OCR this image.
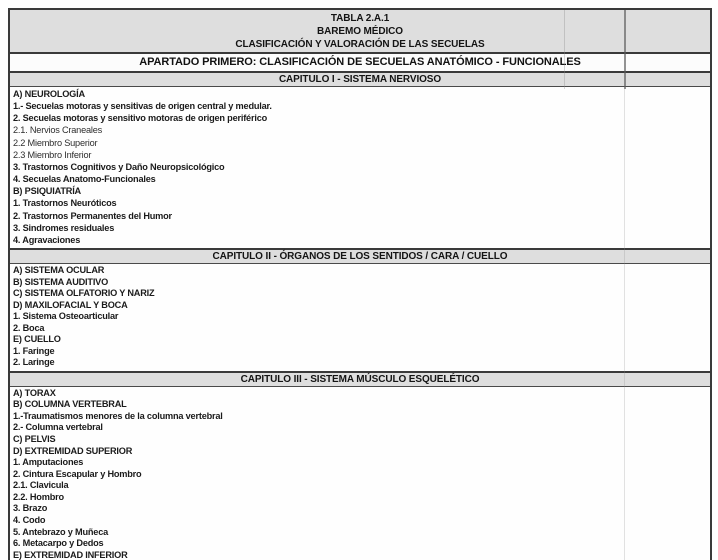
TABLA 2.A.1
BAREMO MÉDICO
CLASIFICACIÓN Y VALORACIÓN DE LAS SECUELAS
APARTADO PRIMERO: CLASIFICACIÓN DE SECUELAS ANATÓMICO - FUNCIONALES
CAPITULO I - SISTEMA NERVIOSO
A) NEUROLOGÍA
1.- Secuelas motoras y sensitivas de origen central y medular.
2. Secuelas motoras y sensitivo motoras de origen periférico
2.1. Nervios Craneales
2.2 Miembro Superior
2.3 Miembro Inferior
3. Trastornos Cognitivos y Daño Neuropsicológico
4. Secuelas Anatomo-Funcionales
B) PSIQUIATRÍA
1. Trastornos Neuróticos
2. Trastornos Permanentes del Humor
3. Sindromes residuales
4. Agravaciones
CAPITULO II - ÓRGANOS DE LOS SENTIDOS / CARA / CUELLO
A) SISTEMA OCULAR
B) SISTEMA AUDITIVO
C) SISTEMA OLFATORIO Y NARIZ
D) MAXILOFACIAL Y BOCA
1. Sistema Osteoarticular
2. Boca
E) CUELLO
1. Faringe
2. Laringe
CAPITULO III - SISTEMA MÚSCULO ESQUELÉTICO
A) TORAX
B) COLUMNA VERTEBRAL
1.-Traumatismos menores de la columna vertebral
2.- Columna vertebral
C) PELVIS
D) EXTREMIDAD SUPERIOR
1. Amputaciones
2. Cintura Escapular y Hombro
2.1. Clavicula
2.2. Hombro
3. Brazo
4. Codo
5. Antebrazo y Muñeca
6. Metacarpo y Dedos
E) EXTREMIDAD INFERIOR
